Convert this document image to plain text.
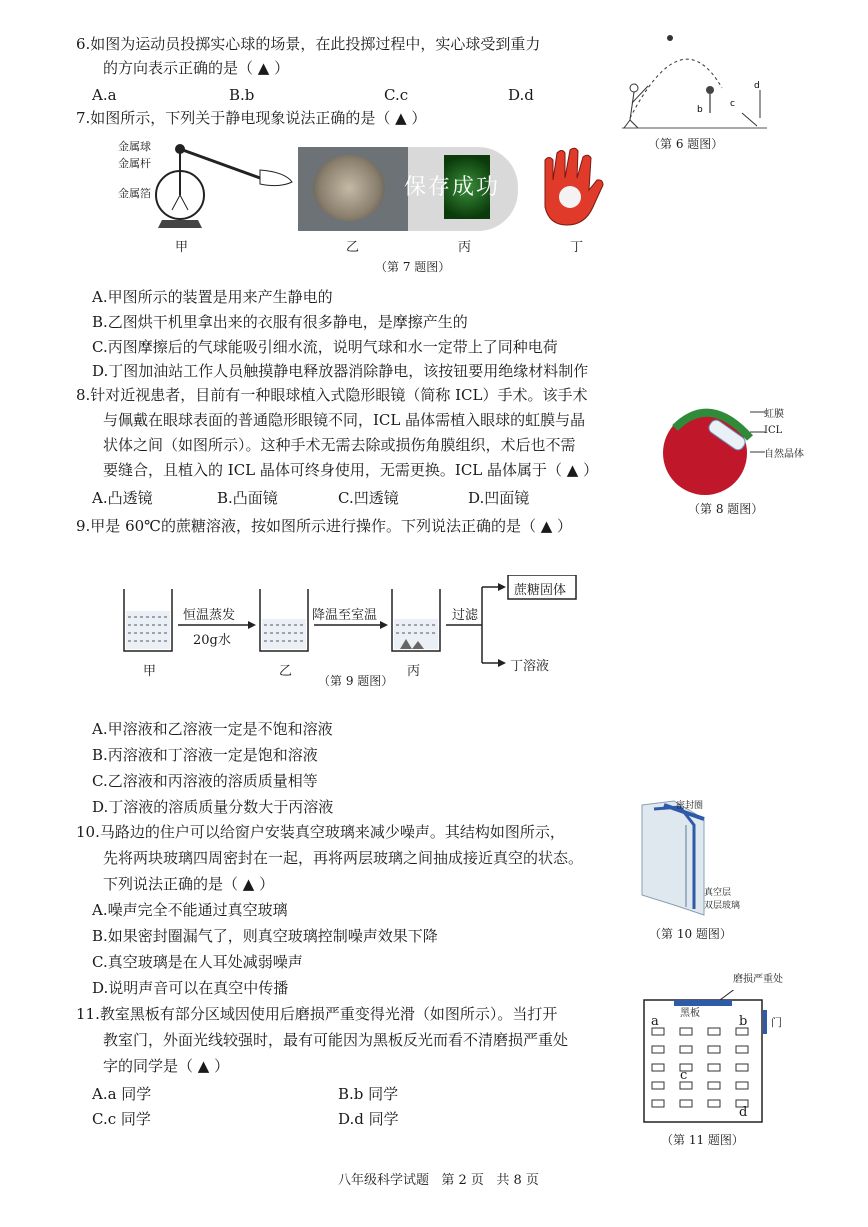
6.如图为运动员投掷实心球的场景，在此投掷过程中，实心球受到重力
的方向表示正确的是（ ▲ ）
A.a	B.b	C.c	D.d
b
c
d
（第 6 题图）
7.如图所示，下列关于静电现象说法正确的是（ ▲ ）
金属球
金属杆
金属箔	保存成功
甲	乙	丙	丁
（第 7 题图）
A.甲图所示的装置是用来产生静电的
B.乙图烘干机里拿出来的衣服有很多静电，是摩擦产生的
C.丙图摩擦后的气球能吸引细水流，说明气球和水一定带上了同种电荷
D.丁图加油站工作人员触摸静电释放器消除静电，该按钮要用绝缘材料制作
8.针对近视患者，目前有一种眼球植入式隐形眼镜（简称 ICL）手术。该手术
与佩戴在眼球表面的普通隐形眼镜不同，ICL 晶体需植入眼球的虹膜与晶
状体之间（如图所示）。这种手术无需去除或损伤角膜组织，术后也不需
要缝合，且植入的 ICL 晶体可终身使用，无需更换。ICL 晶体属于（ ▲ ）
A.凸透镜	B.凸面镜	C.凹透镜	D.凹面镜
虹膜
ICL
自然晶体
（第 8 题图）
9.甲是 60℃的蔗糖溶液，按如图所示进行操作。下列说法正确的是（ ▲ ）
恒温蒸发
20g水
降温至室温	过滤
蔗糖固体
丁溶液
甲	乙	丙
（第 9 题图）
A.甲溶液和乙溶液一定是不饱和溶液
B.丙溶液和丁溶液一定是饱和溶液
C.乙溶液和丙溶液的溶质质量相等
D.丁溶液的溶质质量分数大于丙溶液
10.马路边的住户可以给窗户安装真空玻璃来减少噪声。其结构如图所示，
先将两块玻璃四周密封在一起，再将两层玻璃之间抽成接近真空的状态。
下列说法正确的是（ ▲ ）
A.噪声完全不能通过真空玻璃
B.如果密封圈漏气了，则真空玻璃控制噪声效果下降
C.真空玻璃是在人耳处减弱噪声
D.说明声音可以在真空中传播
密封圈
真空层
双层玻璃
（第 10 题图）
11.教室黑板有部分区域因使用后磨损严重变得光滑（如图所示）。当打开
教室门，外面光线较强时，最有可能因为黑板反光而看不清磨损严重处
字的同学是（ ▲ ）
A.a 同学	B.b 同学
C.c 同学	D.d 同学
黑板
磨损严重处
门
a	b
c
d
（第 11 题图）
八年级科学试题   第 2 页   共 8 页
